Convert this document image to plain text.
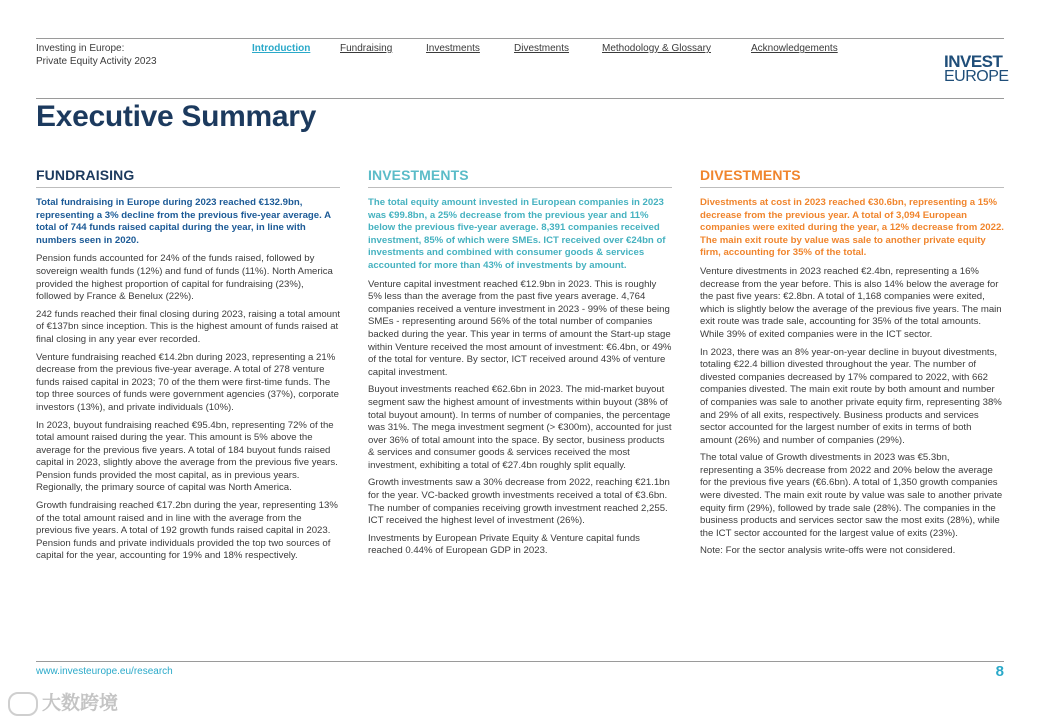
Investing in Europe:
Private Equity Activity 2023
Introduction	Fundraising	Investments	Divestments	Methodology & Glossary	Acknowledgements
INVEST
EUROPE
Executive Summary
FUNDRAISING

Total fundraising in Europe during 2023 reached €132.9bn, representing a 3% decline from the previous five-year average. A total of 744 funds raised capital during the year, in line with numbers seen in 2020.

Pension funds accounted for 24% of the funds raised, followed by sovereign wealth funds (12%) and fund of funds (11%). North America provided the highest proportion of capital for fundraising (23%), followed by France & Benelux (22%).

242 funds reached their final closing during 2023, raising a total amount of €137bn since inception. This is the highest amount of funds raised at final closing in any year ever recorded.

Venture fundraising reached €14.2bn during 2023, representing a 21% decrease from the previous five-year average. A total of 278 venture funds raised capital in 2023; 70 of the them were first-time funds. The top three sources of funds were government agencies (37%), corporate investors (13%), and private individuals (10%).

In 2023, buyout fundraising reached €95.4bn, representing 72% of the total amount raised during the year. This amount is 5% above the average for the previous five years. A total of 184 buyout funds raised capital in 2023, slightly above the average from the previous five years. Pension funds provided the most capital, as in previous years. Regionally, the primary source of capital was North America.

Growth fundraising reached €17.2bn during the year, representing 13% of the total amount raised and in line with the average from the previous five years. A total of 192 growth funds raised capital in 2023. Pension funds and private individuals provided the top two sources of capital for the year, accounting for 19% and 18% respectively.

INVESTMENTS

The total equity amount invested in European companies in 2023 was €99.8bn, a 25% decrease from the previous year and 11% below the previous five-year average. 8,391 companies received investment, 85% of which were SMEs. ICT received over €24bn of investments and combined with consumer goods & services accounted for more than 43% of investments by amount.

Venture capital investment reached €12.9bn in 2023. This is roughly 5% less than the average from the past five years average. 4,764 companies received a venture investment in 2023 - 99% of these being SMEs - representing around 56% of the total number of companies backed during the year. This year in terms of amount the Start-up stage within Venture received the most amount of investment: €6.4bn, or 49% of the total for venture. By sector, ICT received around 43% of venture capital investment.

Buyout investments reached €62.6bn in 2023. The mid-market buyout segment saw the highest amount of investments within buyout (38% of total buyout amount). In terms of number of companies, the percentage was 31%. The mega investment segment (> €300m), accounted for just over 36% of total amount into the space. By sector, business products & services and consumer goods & services received the most investment, exhibiting a total of €27.4bn roughly split equally.

Growth investments saw a 30% decrease from 2022, reaching €21.1bn for the year. VC-backed growth investments received a total of €3.6bn. The number of companies receiving growth investment reached 2,255. ICT received the highest level of investment (26%).

Investments by European Private Equity & Venture capital funds reached 0.44% of European GDP in 2023.

DIVESTMENTS

Divestments at cost in 2023 reached €30.6bn, representing a 15% decrease from the previous year. A total of 3,094 European companies were exited during the year, a 12% decrease from 2022. The main exit route by value was sale to another private equity firm, accounting for 35% of the total.

Venture divestments in 2023 reached €2.4bn, representing a 16% decrease from the year before. This is also 14% below the average for the past five years: €2.8bn. A total of 1,168 companies were exited, which is slightly below the average of the previous five years. The main exit route was trade sale, accounting for 35% of the total amounts. While 39% of exited companies were in the ICT sector.

In 2023, there was an 8% year-on-year decline in buyout divestments, totaling €22.4 billion divested throughout the year. The number of divested companies decreased by 17% compared to 2022, with 662 companies divested. The main exit route by both amount and number of companies was sale to another private equity firm, representing 38% and 29% of all exits, respectively. Business products and services sector accounted for the largest number of exits in terms of both amount (26%) and number of companies (29%).

The total value of Growth divestments in 2023 was €5.3bn, representing a 35% decrease from 2022 and 20% below the average for the previous five years (€6.6bn). A total of 1,350 growth companies were divested. The main exit route by value was sale to another private equity firm (29%), followed by trade sale (28%). The companies in the business products and services sector saw the most exits (28%), while the ICT sector accounted for the largest value of exits (23%).

Note: For the sector analysis write-offs were not considered.

www.investeurope.eu/research	8
大数跨境
